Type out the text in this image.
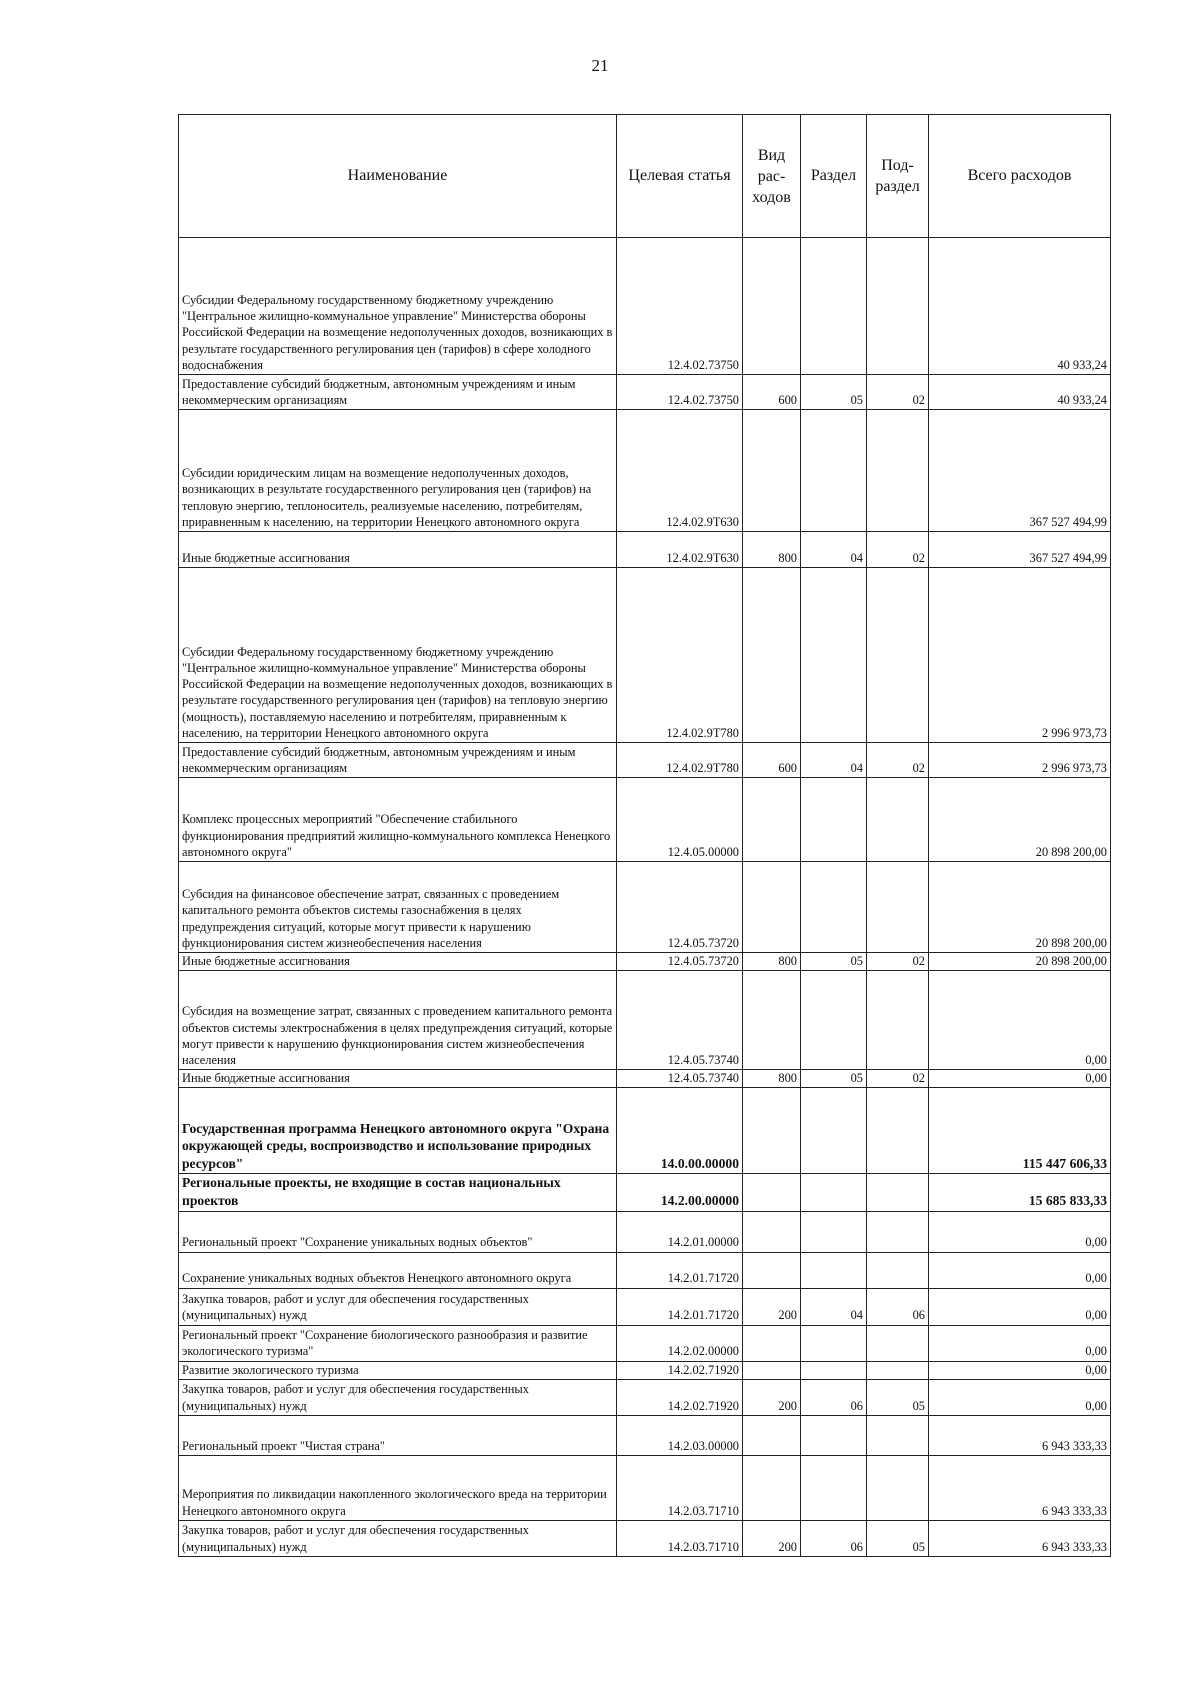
21
Наименование	Целевая статья	Вид рас-ходов	Раздел	Под-раздел	Всего расходов
Субсидии Федеральному государственному бюджетному учреждению "Центральное жилищно-коммунальное управление" Министерства обороны Российской Федерации на возмещение недополученных доходов, возникающих в результате государственного регулирования цен (тарифов) в сфере холодного водоснабжения	12.4.02.73750				40 933,24
Предоставление субсидий бюджетным, автономным учреждениям и иным некоммерческим организациям	12.4.02.73750	600	05	02	40 933,24
Субсидии юридическим лицам на возмещение недополученных доходов, возникающих в результате государственного регулирования цен (тарифов) на тепловую энергию, теплоноситель, реализуемые населению, потребителям, приравненным к населению, на территории Ненецкого автономного округа	12.4.02.9Т630				367 527 494,99
Иные бюджетные ассигнования	12.4.02.9Т630	800	04	02	367 527 494,99
Субсидии Федеральному государственному бюджетному учреждению "Центральное жилищно-коммунальное управление" Министерства обороны Российской Федерации на возмещение недополученных доходов, возникающих в результате государственного регулирования цен (тарифов) на тепловую энергию (мощность), поставляемую населению и потребителям, приравненным к населению, на территории Ненецкого автономного округа	12.4.02.9Т780				2 996 973,73
Предоставление субсидий бюджетным, автономным учреждениям и иным некоммерческим организациям	12.4.02.9Т780	600	04	02	2 996 973,73
Комплекс процессных мероприятий "Обеспечение стабильного функционирования предприятий жилищно-коммунального комплекса Ненецкого автономного округа"	12.4.05.00000				20 898 200,00
Субсидия на финансовое обеспечение затрат, связанных с проведением капитального ремонта объектов системы газоснабжения в целях предупреждения ситуаций, которые могут привести к нарушению функционирования систем жизнеобеспечения населения	12.4.05.73720				20 898 200,00
Иные бюджетные ассигнования	12.4.05.73720	800	05	02	20 898 200,00
Субсидия на возмещение затрат, связанных с проведением капитального ремонта объектов системы электроснабжения в целях предупреждения ситуаций, которые могут привести к нарушению функционирования систем жизнеобеспечения населения	12.4.05.73740				0,00
Иные бюджетные ассигнования	12.4.05.73740	800	05	02	0,00
Государственная программа Ненецкого автономного округа "Охрана окружающей среды, воспроизводство и использование природных ресурсов"	14.0.00.00000				115 447 606,33
Региональные проекты, не входящие в состав национальных проектов	14.2.00.00000				15 685 833,33
Региональный проект "Сохранение уникальных водных объектов"	14.2.01.00000				0,00
Сохранение уникальных водных объектов Ненецкого автономного округа	14.2.01.71720				0,00
Закупка товаров, работ и услуг для обеспечения государственных (муниципальных) нужд	14.2.01.71720	200	04	06	0,00
Региональный проект "Сохранение биологического разнообразия и развитие экологического туризма"	14.2.02.00000				0,00
Развитие экологического туризма	14.2.02.71920				0,00
Закупка товаров, работ и услуг для обеспечения государственных (муниципальных) нужд	14.2.02.71920	200	06	05	0,00
Региональный проект "Чистая страна"	14.2.03.00000				6 943 333,33
Мероприятия по ликвидации накопленного экологического вреда на территории Ненецкого автономного округа	14.2.03.71710				6 943 333,33
Закупка товаров, работ и услуг для обеспечения государственных (муниципальных) нужд	14.2.03.71710	200	06	05	6 943 333,33
